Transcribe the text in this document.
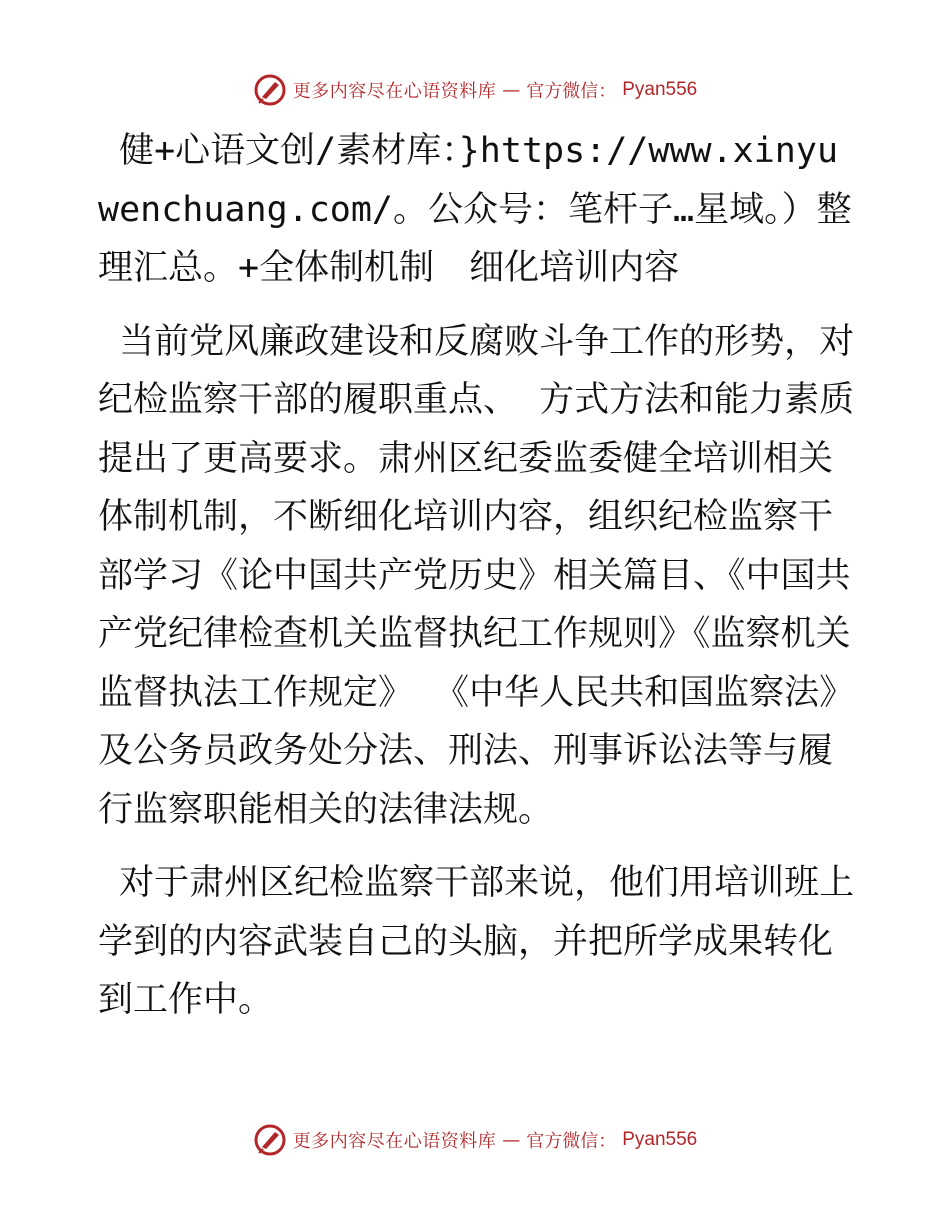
更多内容尽在心语资料库 — 官方微信： Pyan556

健+心语文创/素材库：}https://www.xinyuwenchuang.com/。公众号：笔杆子…星域。）整理汇总。+全体制机制　细化培训内容

当前党风廉政建设和反腐败斗争工作的形势，对纪检监察干部的履职重点、 方式方法和能力素质提出了更高要求。肃州区纪委监委健全培训相关体制机制，不断细化培训内容，组织纪检监察干部学习《论中国共产党历史》相关篇目、《中国共产党纪律检查机关监督执纪工作规则》《监察机关监督执法工作规定》 《中华人民共和国监察法》及公务员政务处分法、刑法、刑事诉讼法等与履行监察职能相关的法律法规。

对于肃州区纪检监察干部来说，他们用培训班上学到的内容武装自己的头脑，并把所学成果转化到工作中。

更多内容尽在心语资料库 — 官方微信： Pyan556
